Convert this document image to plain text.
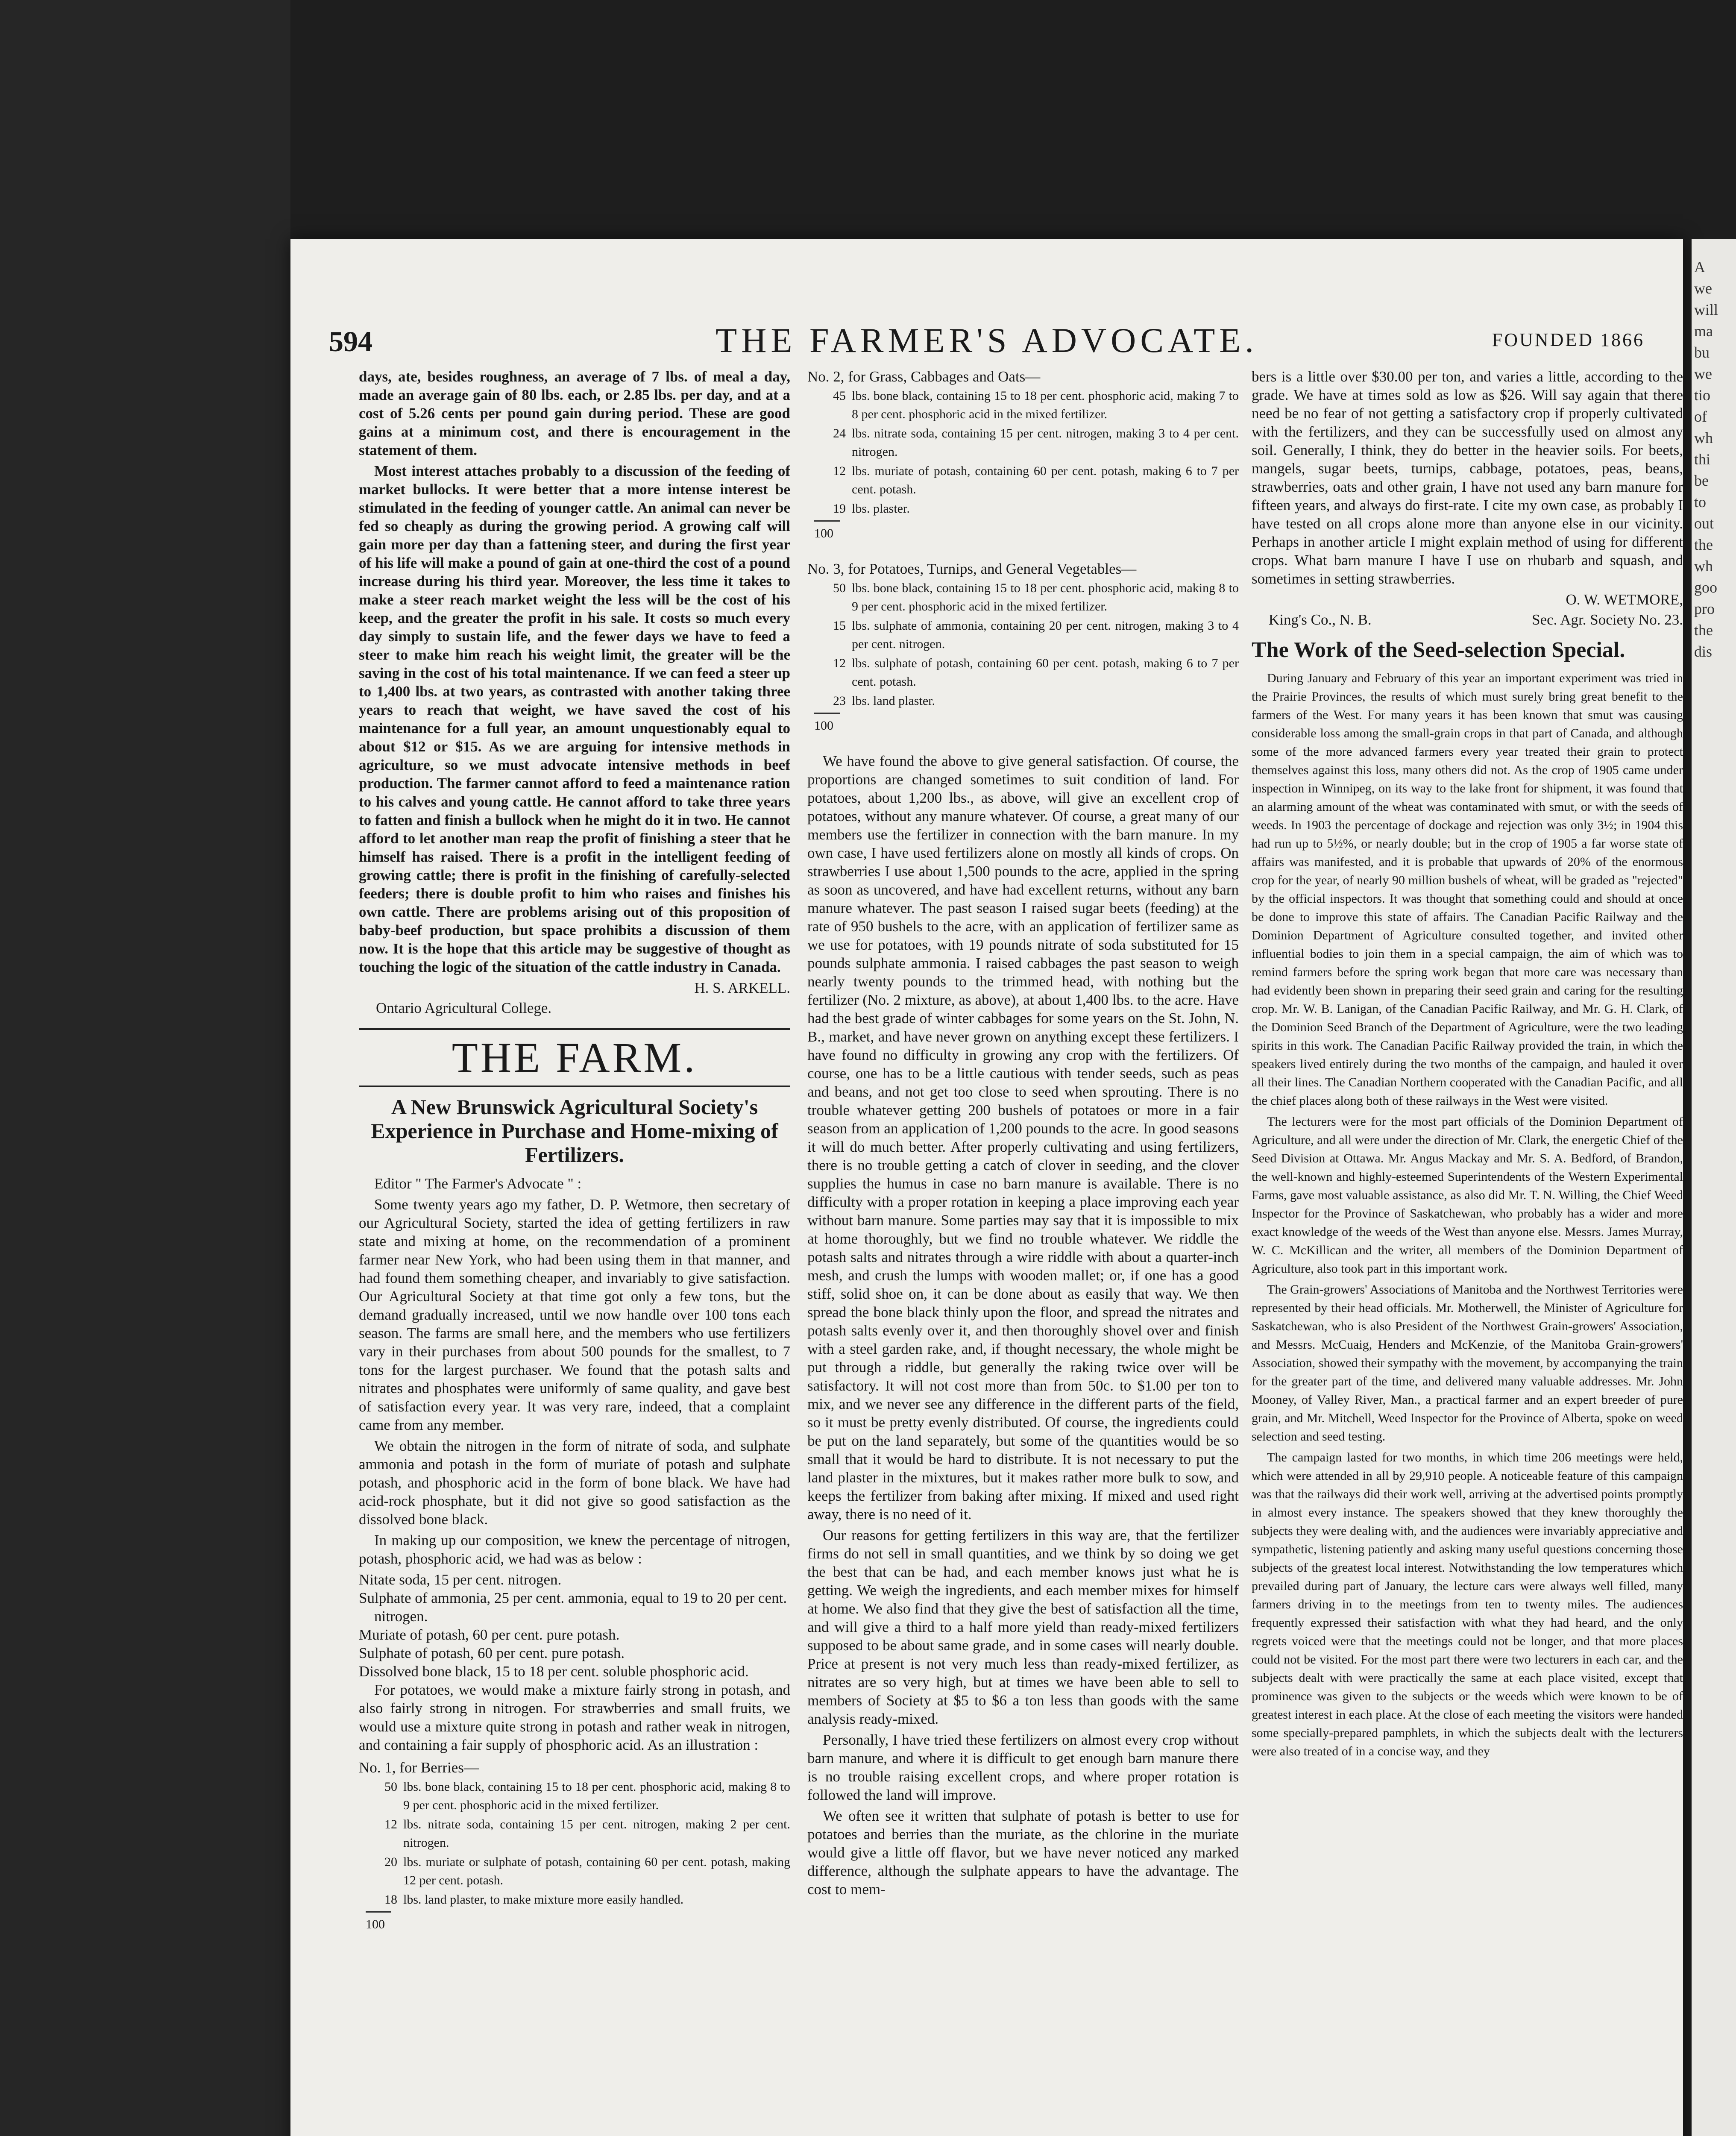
594	THE FARMER'S ADVOCATE.	FOUNDED 1866

days, ate, besides roughness, an average of 7 lbs. of meal a day, made an average gain of 80 lbs. each, or 2.85 lbs. per day, and at a cost of 5.26 cents per pound gain during period. These are good gains at a minimum cost, and there is encouragement in the statement of them.

Most interest attaches probably to a discussion of the feeding of market bullocks. It were better that a more intense interest be stimulated in the feeding of younger cattle. An animal can never be fed so cheaply as during the growing period. A growing calf will gain more per day than a fattening steer, and during the first year of his life will make a pound of gain at one-third the cost of a pound increase during his third year. Moreover, the less time it takes to make a steer reach market weight the less will be the cost of his keep, and the greater the profit in his sale. It costs so much every day simply to sustain life, and the fewer days we have to feed a steer to make him reach his weight limit, the greater will be the saving in the cost of his total maintenance. If we can feed a steer up to 1,400 lbs. at two years, as contrasted with another taking three years to reach that weight, we have saved the cost of his maintenance for a full year, an amount unquestionably equal to about $12 or $15. As we are arguing for intensive methods in agriculture, so we must advocate intensive methods in beef production. The farmer cannot afford to feed a maintenance ration to his calves and young cattle. He cannot afford to take three years to fatten and finish a bullock when he might do it in two. He cannot afford to let another man reap the profit of finishing a steer that he himself has raised. There is a profit in the intelligent feeding of growing cattle; there is profit in the finishing of carefully-selected feeders; there is double profit to him who raises and finishes his own cattle. There are problems arising out of this proposition of baby-beef production, but space prohibits a discussion of them now. It is the hope that this article may be suggestive of thought as touching the logic of the situation of the cattle industry in Canada.

H. S. ARKELL.
Ontario Agricultural College.
THE FARM.
A New Brunswick Agricultural Society's Experience in Purchase and Home-mixing of Fertilizers.
Editor " The Farmer's Advocate " :

Some twenty years ago my father, D. P. Wetmore, then secretary of our Agricultural Society, started the idea of getting fertilizers in raw state and mixing at home, on the recommendation of a prominent farmer near New York, who had been using them in that manner, and had found them something cheaper, and invariably to give satisfaction. Our Agricultural Society at that time got only a few tons, but the demand gradually increased, until we now handle over 100 tons each season. The farms are small here, and the members who use fertilizers vary in their purchases from about 500 pounds for the smallest, to 7 tons for the largest purchaser. We found that the potash salts and nitrates and phosphates were uniformly of same quality, and gave best of satisfaction every year. It was very rare, indeed, that a complaint came from any member.

We obtain the nitrogen in the form of nitrate of soda, and sulphate ammonia and potash in the form of muriate of potash and sulphate potash, and phosphoric acid in the form of bone black. We have had acid-rock phosphate, but it did not give so good satisfaction as the dissolved bone black.

In making up our composition, we knew the percentage of nitrogen, potash, phosphoric acid, we had was as below :

Nitate soda, 15 per cent. nitrogen.
Sulphate of ammonia, 25 per cent. ammonia, equal to 19 to 20 per cent. nitrogen.
Muriate of potash, 60 per cent. pure potash.
Sulphate of potash, 60 per cent. pure potash.
Dissolved bone black, 15 to 18 per cent. soluble phosphoric acid.

For potatoes, we would make a mixture fairly strong in potash, and also fairly strong in nitrogen. For strawberries and small fruits, we would use a mixture quite strong in potash and rather weak in nitrogen, and containing a fair supply of phosphoric acid. As an illustration :

No. 1, for Berries—
50 lbs. bone black, containing 15 to 18 per cent. phosphoric acid, making 8 to 9 per cent. phosphoric acid in the mixed fertilizer.
12 lbs. nitrate soda, containing 15 per cent. nitrogen, making 2 per cent. nitrogen.
20 lbs. muriate or sulphate of potash, containing 60 per cent. potash, making 12 per cent. potash.
18 lbs. land plaster, to make mixture more easily handled.
100
No. 2, for Grass, Cabbages and Oats—
45 lbs. bone black, containing 15 to 18 per cent. phosphoric acid, making 7 to 8 per cent. phosphoric acid in the mixed fertilizer.
24 lbs. nitrate soda, containing 15 per cent. nitrogen, making 3 to 4 per cent. nitrogen.
12 lbs. muriate of potash, containing 60 per cent. potash, making 6 to 7 per cent. potash.
19 lbs. plaster.
100
No. 3, for Potatoes, Turnips, and General Vegetables—
50 lbs. bone black, containing 15 to 18 per cent. phosphoric acid, making 8 to 9 per cent. phosphoric acid in the mixed fertilizer.
15 lbs. sulphate of ammonia, containing 20 per cent. nitrogen, making 3 to 4 per cent. nitrogen.
12 lbs. sulphate of potash, containing 60 per cent. potash, making 6 to 7 per cent. potash.
23 lbs. land plaster.
100

We have found the above to give general satisfaction. Of course, the proportions are changed sometimes to suit condition of land. For potatoes, about 1,200 lbs., as above, will give an excellent crop of potatoes, without any manure whatever. Of course, a great many of our members use the fertilizer in connection with the barn manure. In my own case, I have used fertilizers alone on mostly all kinds of crops. On strawberries I use about 1,500 pounds to the acre, applied in the spring as soon as uncovered, and have had excellent returns, without any barn manure whatever. The past season I raised sugar beets (feeding) at the rate of 950 bushels to the acre, with an application of fertilizer same as we use for potatoes, with 19 pounds nitrate of soda substituted for 15 pounds sulphate ammonia. I raised cabbages the past season to weigh nearly twenty pounds to the trimmed head, with nothing but the fertilizer (No. 2 mixture, as above), at about 1,400 lbs. to the acre. Have had the best grade of winter cabbages for some years on the St. John, N. B., market, and have never grown on anything except these fertilizers. I have found no difficulty in growing any crop with the fertilizers. Of course, one has to be a little cautious with tender seeds, such as peas and beans, and not get too close to seed when sprouting. There is no trouble whatever getting 200 bushels of potatoes or more in a fair season from an application of 1,200 pounds to the acre. In good seasons it will do much better. After properly cultivating and using fertilizers, there is no trouble getting a catch of clover in seeding, and the clover supplies the humus in case no barn manure is available. There is no difficulty with a proper rotation in keeping a place improving each year without barn manure. Some parties may say that it is impossible to mix at home thoroughly, but we find no trouble whatever. We riddle the potash salts and nitrates through a wire riddle with about a quarter-inch mesh, and crush the lumps with wooden mallet; or, if one has a good stiff, solid shoe on, it can be done about as easily that way. We then spread the bone black thinly upon the floor, and spread the nitrates and potash salts evenly over it, and then thoroughly shovel over and finish with a steel garden rake, and, if thought necessary, the whole might be put through a riddle, but generally the raking twice over will be satisfactory. It will not cost more than from 50c. to $1.00 per ton to mix, and we never see any difference in the different parts of the field, so it must be pretty evenly distributed. Of course, the ingredients could be put on the land separately, but some of the quantities would be so small that it would be hard to distribute. It is not necessary to put the land plaster in the mixtures, but it makes rather more bulk to sow, and keeps the fertilizer from baking after mixing. If mixed and used right away, there is no need of it.

Our reasons for getting fertilizers in this way are, that the fertilizer firms do not sell in small quantities, and we think by so doing we get the best that can be had, and each member knows just what he is getting. We weigh the ingredients, and each member mixes for himself at home. We also find that they give the best of satisfaction all the time, and will give a third to a half more yield than ready-mixed fertilizers supposed to be about same grade, and in some cases will nearly double. Price at present is not very much less than ready-mixed fertilizer, as nitrates are so very high, but at times we have been able to sell to members of Society at $5 to $6 a ton less than goods with the same analysis ready-mixed.

Personally, I have tried these fertilizers on almost every crop without barn manure, and where it is difficult to get enough barn manure there is no trouble raising excellent crops, and where proper rotation is followed the land will improve.

We often see it written that sulphate of potash is better to use for potatoes and berries than the muriate, as the chlorine in the muriate would give a little off flavor, but we have never noticed any marked difference, although the sulphate appears to have the advantage. The cost to mem-

bers is a little over $30.00 per ton, and varies a little, according to the grade. We have at times sold as low as $26. Will say again that there need be no fear of not getting a satisfactory crop if properly cultivated with the fertilizers, and they can be successfully used on almost any soil. Generally, I think, they do better in the heavier soils. For beets, mangels, sugar beets, turnips, cabbage, potatoes, peas, beans, strawberries, oats and other grain, I have not used any barn manure for fifteen years, and always do first-rate. I cite my own case, as probably I have tested on all crops alone more than anyone else in our vicinity. Perhaps in another article I might explain method of using for different crops. What barn manure I have I use on rhubarb and squash, and sometimes in setting strawberries.

O. W. WETMORE,
King's Co., N. B.	Sec. Agr. Society No. 23.
The Work of the Seed-selection Special.

During January and February of this year an important experiment was tried in the Prairie Provinces, the results of which must surely bring great benefit to the farmers of the West. For many years it has been known that smut was causing considerable loss among the small-grain crops in that part of Canada, and although some of the more advanced farmers every year treated their grain to protect themselves against this loss, many others did not. As the crop of 1905 came under inspection in Winnipeg, on its way to the lake front for shipment, it was found that an alarming amount of the wheat was contaminated with smut, or with the seeds of weeds. In 1903 the percentage of dockage and rejection was only 3½; in 1904 this had run up to 5½%, or nearly double; but in the crop of 1905 a far worse state of affairs was manifested, and it is probable that upwards of 20% of the enormous crop for the year, of nearly 90 million bushels of wheat, will be graded as "rejected" by the official inspectors. It was thought that something could and should at once be done to improve this state of affairs. The Canadian Pacific Railway and the Dominion Department of Agriculture consulted together, and invited other influential bodies to join them in a special campaign, the aim of which was to remind farmers before the spring work began that more care was necessary than had evidently been shown in preparing their seed grain and caring for the resulting crop. Mr. W. B. Lanigan, of the Canadian Pacific Railway, and Mr. G. H. Clark, of the Dominion Seed Branch of the Department of Agriculture, were the two leading spirits in this work. The Canadian Pacific Railway provided the train, in which the speakers lived entirely during the two months of the campaign, and hauled it over all their lines. The Canadian Northern cooperated with the Canadian Pacific, and all the chief places along both of these railways in the West were visited.

The lecturers were for the most part officials of the Dominion Department of Agriculture, and all were under the direction of Mr. Clark, the energetic Chief of the Seed Division at Ottawa. Mr. Angus Mackay and Mr. S. A. Bedford, of Brandon, the well-known and highly-esteemed Superintendents of the Western Experimental Farms, gave most valuable assistance, as also did Mr. T. N. Willing, the Chief Weed Inspector for the Province of Saskatchewan, who probably has a wider and more exact knowledge of the weeds of the West than anyone else. Messrs. James Murray, W. C. McKillican and the writer, all members of the Dominion Department of Agriculture, also took part in this important work.

The Grain-growers' Associations of Manitoba and the Northwest Territories were represented by their head officials. Mr. Motherwell, the Minister of Agriculture for Saskatchewan, who is also President of the Northwest Grain-growers' Association, and Messrs. McCuaig, Henders and McKenzie, of the Manitoba Grain-growers' Association, showed their sympathy with the movement, by accompanying the train for the greater part of the time, and delivered many valuable addresses. Mr. John Mooney, of Valley River, Man., a practical farmer and an expert breeder of pure grain, and Mr. Mitchell, Weed Inspector for the Province of Alberta, spoke on weed selection and seed testing.

The campaign lasted for two months, in which time 206 meetings were held, which were attended in all by 29,910 people. A noticeable feature of this campaign was that the railways did their work well, arriving at the advertised points promptly in almost every instance. The speakers showed that they knew thoroughly the subjects they were dealing with, and the audiences were invariably appreciative and sympathetic, listening patiently and asking many useful questions concerning those subjects of the greatest local interest. Notwithstanding the low temperatures which prevailed during part of January, the lecture cars were always well filled, many farmers driving in to the meetings from ten to twenty miles. The audiences frequently expressed their satisfaction with what they had heard, and the only regrets voiced were that the meetings could not be longer, and that more places could not be visited. For the most part there were two lecturers in each car, and the subjects dealt with were practically the same at each place visited, except that prominence was given to the subjects or the weeds which were known to be of greatest interest in each place. At the close of each meeting the visitors were handed some specially-prepared pamphlets, in which the subjects dealt with the lecturers were also treated of in a concise way, and they

A
we
will
ma
bu
we
tio
of
wh
thi
be
to
out
the
wh
goo
pro
the
dis
